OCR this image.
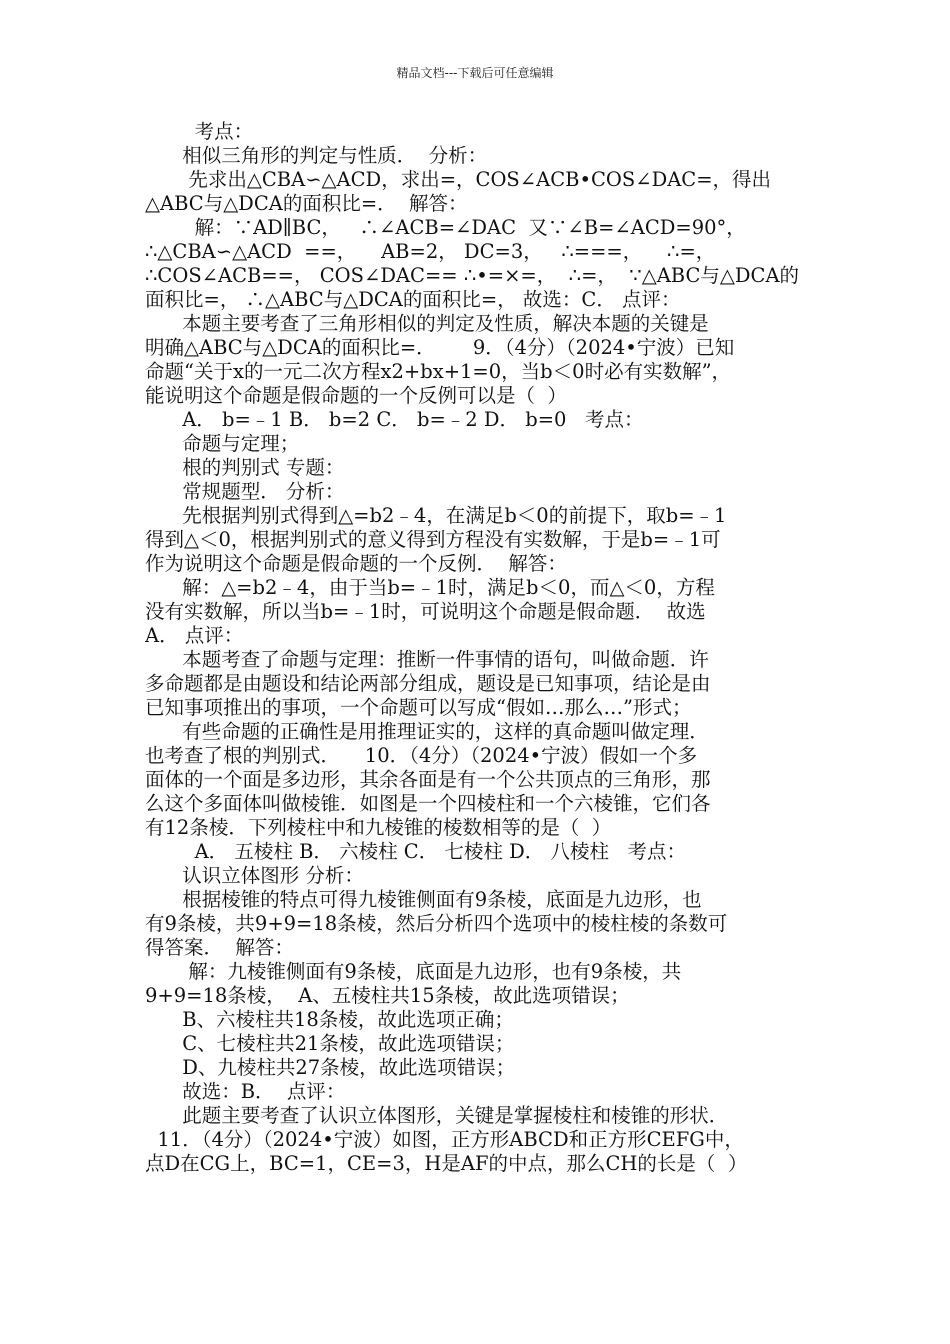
精品文档---下载后可任意编辑
考点：
相似三角形的判定与性质．  分析：
先求出△CBA∽△ACD，求出=，COS∠ACB•COS∠DAC=，得出
△ABC与△DCA的面积比=．  解答：
解：∵AD∥BC，   ∴∠ACB=∠DAC  又∵∠B=∠ACD=90°，
∴△CBA∽△ACD  ==，    AB=2， DC=3，   ∴===，    ∴=，
∴COS∠ACB==， COS∠DAC== ∴•=×=，  ∴=，  ∵△ABC与△DCA的
面积比=， ∴△ABC与△DCA的面积比=， 故选：C． 点评：
本题主要考查了三角形相似的判定及性质，解决本题的关键是
明确△ABC与△DCA的面积比=．      9．（4分）（2024•宁波）已知
命题“关于x的一元二次方程x2+bx+1=0，当b＜0时必有实数解”，
能说明这个命题是假命题的一个反例可以是（  ）
A． b=﹣1 B． b=2 C． b=﹣2 D． b=0   考点：
命题与定理；
根的判别式 专题：
常规题型． 分析：
先根据判别式得到△=b2﹣4，在满足b＜0的前提下，取b=﹣1
得到△＜0，根据判别式的意义得到方程没有实数解，于是b=﹣1可
作为说明这个命题是假命题的一个反例．  解答：
解：△=b2﹣4，由于当b=﹣1时，满足b＜0，而△＜0，方程
没有实数解，所以当b=﹣1时，可说明这个命题是假命题．  故选
A． 点评：
本题考查了命题与定理：推断一件事情的语句，叫做命题．许
多命题都是由题设和结论两部分组成，题设是已知事项，结论是由
已知事项推出的事项，一个命题可以写成“假如…那么…”形式；
有些命题的正确性是用推理证实的，这样的真命题叫做定理．
也考查了根的判别式．    10．（4分）（2024•宁波）假如一个多
面体的一个面是多边形，其余各面是有一个公共顶点的三角形，那
么这个多面体叫做棱锥．如图是一个四棱柱和一个六棱锥，它们各
有12条棱．下列棱柱中和九棱锥的棱数相等的是（  ）
A． 五棱柱 B． 六棱柱 C． 七棱柱 D． 八棱柱   考点：
认识立体图形 分析：
根据棱锥的特点可得九棱锥侧面有9条棱，底面是九边形，也
有9条棱，共9+9=18条棱，然后分析四个选项中的棱柱棱的条数可
得答案．  解答：
解：九棱锥侧面有9条棱，底面是九边形，也有9条棱，共
9+9=18条棱，  A、五棱柱共15条棱，故此选项错误；
B、六棱柱共18条棱，故此选项正确；
C、七棱柱共21条棱，故此选项错误；
D、九棱柱共27条棱，故此选项错误；
故选：B．  点评：
此题主要考查了认识立体图形，关键是掌握棱柱和棱锥的形状．
11．（4分）（2024•宁波）如图，正方形ABCD和正方形CEFG中，
点D在CG上，BC=1，CE=3，H是AF的中点，那么CH的长是（  ）
